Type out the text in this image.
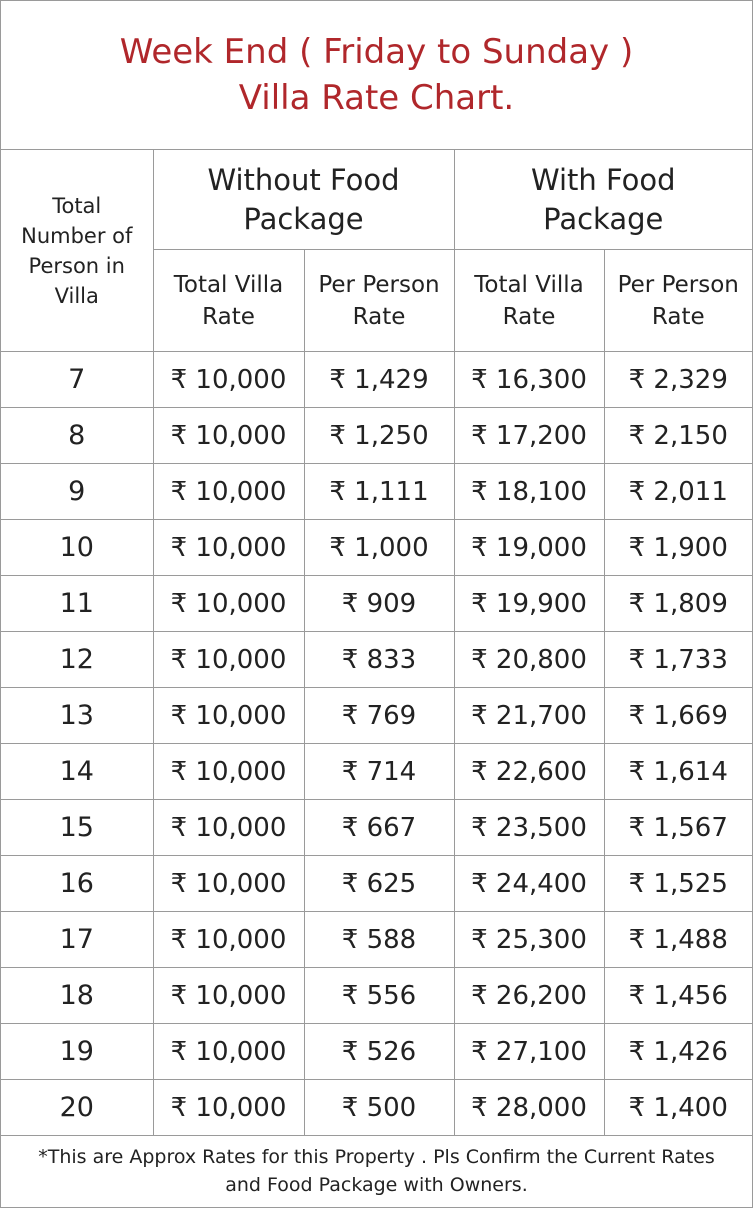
Week End ( Friday to Sunday )
Villa Rate Chart.
Total Number of Person in Villa	Without Food Package		With Food Package	

	Total Villa Rate	Per Person Rate	Total Villa Rate	Per Person Rate

7	₹ 10,000	₹ 1,429	₹ 16,300	₹ 2,329
8	₹ 10,000	₹ 1,250	₹ 17,200	₹ 2,150
9	₹ 10,000	₹ 1,111	₹ 18,100	₹ 2,011
10	₹ 10,000	₹ 1,000	₹ 19,000	₹ 1,900
11	₹ 10,000	₹ 909	₹ 19,900	₹ 1,809
12	₹ 10,000	₹ 833	₹ 20,800	₹ 1,733
13	₹ 10,000	₹ 769	₹ 21,700	₹ 1,669
14	₹ 10,000	₹ 714	₹ 22,600	₹ 1,614
15	₹ 10,000	₹ 667	₹ 23,500	₹ 1,567
16	₹ 10,000	₹ 625	₹ 24,400	₹ 1,525
17	₹ 10,000	₹ 588	₹ 25,300	₹ 1,488
18	₹ 10,000	₹ 556	₹ 26,200	₹ 1,456
19	₹ 10,000	₹ 526	₹ 27,100	₹ 1,426
20	₹ 10,000	₹ 500	₹ 28,000	₹ 1,400
*This are Approx Rates for this Property . Pls Confirm the Current Rates
and Food Package with Owners.
